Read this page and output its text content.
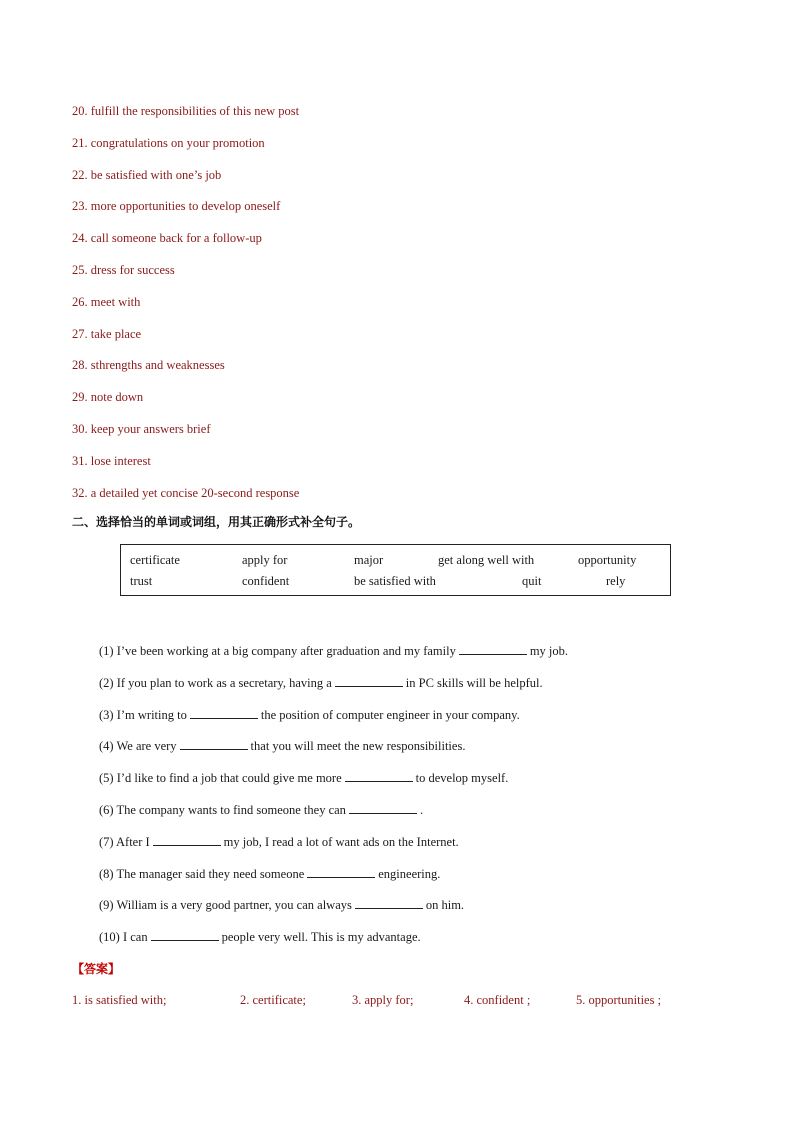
20. fulfill the responsibilities of this new post
21. congratulations on your promotion
22. be satisfied with one’s job
23. more opportunities to develop oneself
24. call someone back for a follow-up
25. dress for success
26. meet with
27. take place
28. sthrengths and weaknesses
29. note down
30. keep your answers brief
31. lose interest
32. a detailed yet concise 20-second response
二、选择恰当的单词或词组，用其正确形式补全句子。
certificate	apply for	major	get along well with	opportunity
trust	confident	be satisfied with	quit	rely
(1) I’ve been working at a big company after graduation and my family	my job.
(2) If you plan to work as a secretary, having a	in PC skills will be helpful.
(3) I’m writing to	the position of computer engineer in your company.
(4) We are very	that you will meet the new responsibilities.
(5) I’d like to find a job that could give me more	to develop myself.
(6) The company wants to find someone they can	.
(7) After I	my job, I read a lot of want ads on the Internet.
(8) The manager said they need someone	engineering.
(9) William is a very good partner, you can always	on him.
(10) I can	people very well. This is my advantage.
【答案】
1. is satisfied with;	2. certificate;	3. apply for;	4. confident ;	5. opportunities ;
